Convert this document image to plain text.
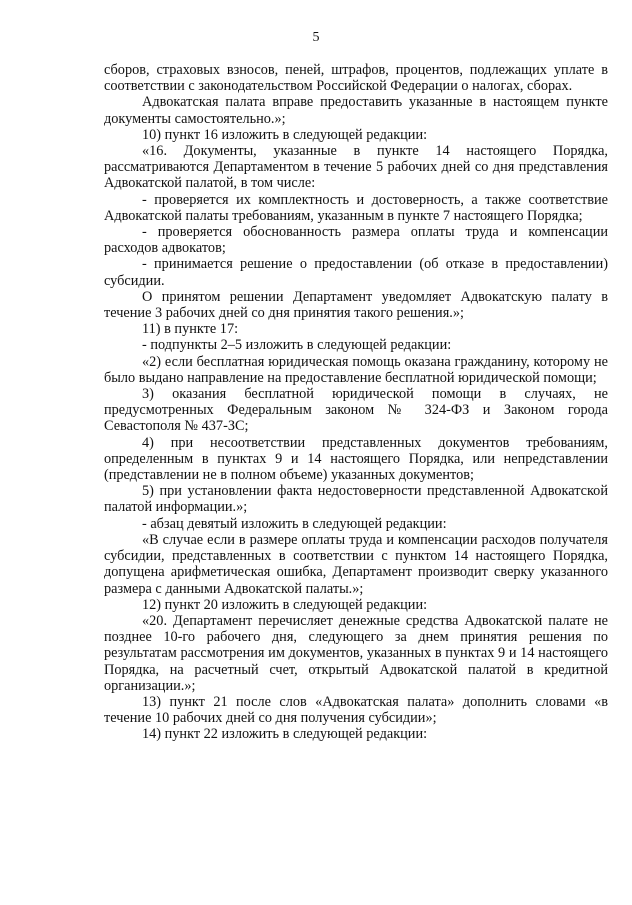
5

сборов, страховых взносов, пеней, штрафов, процентов, подлежащих уплате в соответствии с законодательством Российской Федерации о налогах, сборах.

Адвокатская палата вправе предоставить указанные в настоящем пункте документы самостоятельно.»;

10) пункт 16 изложить в следующей редакции:

«16. Документы, указанные в пункте 14 настоящего Порядка, рассматриваются Департаментом в течение 5 рабочих дней со дня представления Адвокатской палатой, в том числе:

- проверяется их комплектность и достоверность, а также соответствие Адвокатской палаты требованиям, указанным в пункте 7 настоящего Порядка;

- проверяется обоснованность размера оплаты труда и компенсации расходов адвокатов;

- принимается решение о предоставлении (об отказе в предоставлении) субсидии.

О принятом решении Департамент уведомляет Адвокатскую палату в течение 3 рабочих дней со дня принятия такого решения.»;

11) в пункте 17:

- подпункты 2–5 изложить в следующей редакции:

«2) если бесплатная юридическая помощь оказана гражданину, которому не было выдано направление на предоставление бесплатной юридической помощи;

3) оказания бесплатной юридической помощи в случаях, не предусмотренных Федеральным законом № 324-ФЗ и Законом города Севастополя № 437-ЗС;

4) при несоответствии представленных документов требованиям, определенным в пунктах 9 и 14 настоящего Порядка, или непредставлении (представлении не в полном объеме) указанных документов;

5) при установлении факта недостоверности представленной Адвокатской палатой информации.»;

- абзац девятый изложить в следующей редакции:

«В случае если в размере оплаты труда и компенсации расходов получателя субсидии, представленных в соответствии с пунктом 14 настоящего Порядка, допущена арифметическая ошибка, Департамент производит сверку указанного размера с данными Адвокатской палаты.»;

12) пункт 20 изложить в следующей редакции:

«20. Департамент перечисляет денежные средства Адвокатской палате не позднее 10-го рабочего дня, следующего за днем принятия решения по результатам рассмотрения им документов, указанных в пунктах 9 и 14 настоящего Порядка, на расчетный счет, открытый Адвокатской палатой в кредитной организации.»;

13) пункт 21 после слов «Адвокатская палата» дополнить словами «в течение 10 рабочих дней со дня получения субсидии»;

14) пункт 22 изложить в следующей редакции:
